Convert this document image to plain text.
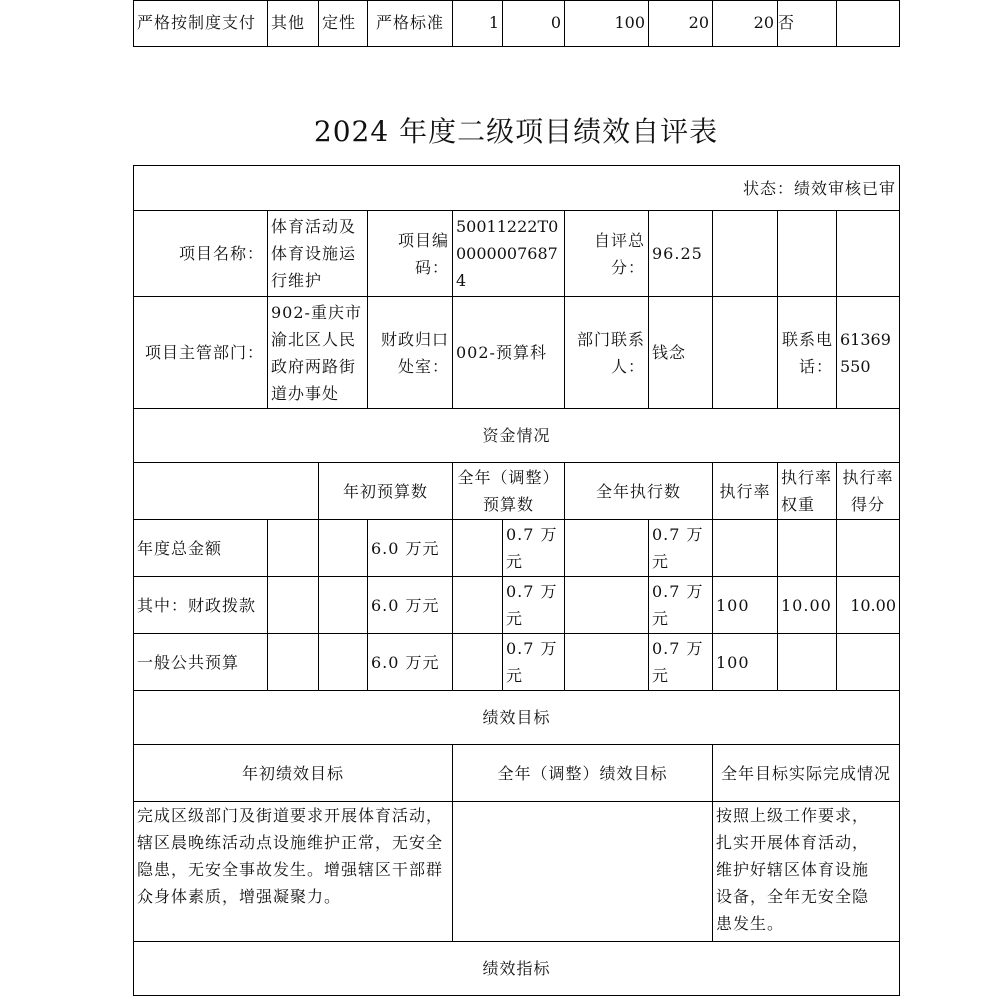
严格按制度支付	其他	定性	严格标准	1	0	100	20	20	否	
2024 年度二级项目绩效自评表
状态：绩效审核已审										
项目名称：	体育活动及体育设施运行维护		项目编码：	50011222T000000076874		自评总分：	96.25			
项目主管部门：	902-重庆市渝北区人民政府两路街道办事处		财政归口处室：	002-预算科		部门联系人：	钱念		联系电话：	61369550
资金情况										
		年初预算数		全年（调整）预算数		全年执行数		执行率	执行率权重	执行率得分
年度总金额			6.0 万元		0.7 万元		0.7 万元			
其中：财政拨款			6.0 万元		0.7 万元		0.7 万元	100	10.00	10.00
一般公共预算			6.0 万元		0.7 万元		0.7 万元	100		
绩效目标										
年初绩效目标				全年（调整）绩效目标				全年目标实际完成情况		
完成区级部门及街道要求开展体育活动，辖区晨晚练活动点设施维护正常，无安全隐患，无安全事故发生。增强辖区干部群众身体素质，增强凝聚力。								按照上级工作要求，扎实开展体育活动，维护好辖区体育设施设备，全年无安全隐患发生。		
绩效指标										
